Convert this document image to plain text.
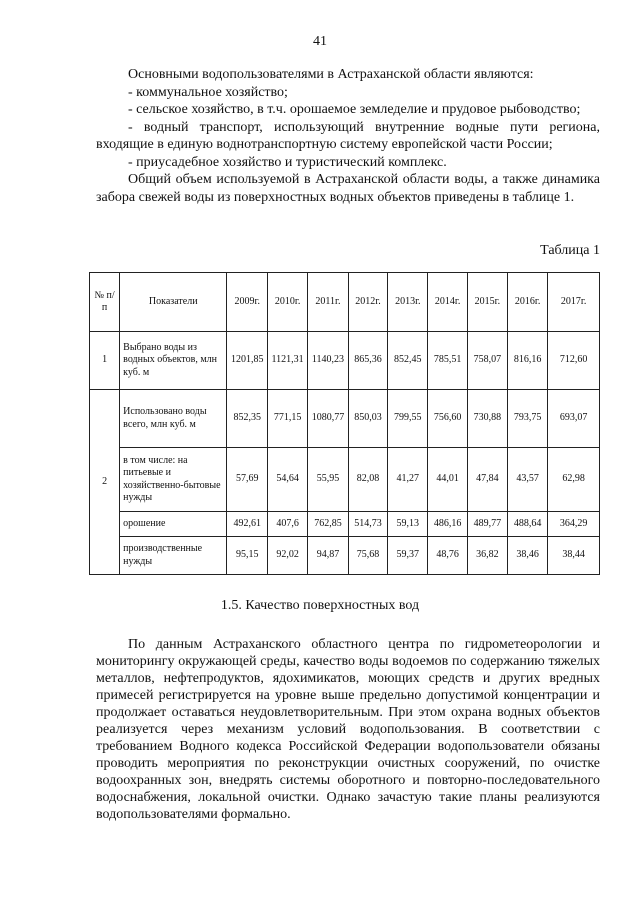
41

Основными водопользователями в Астраханской области являются:

- коммунальное хозяйство;

- сельское хозяйство, в т.ч. орошаемое земледелие и прудовое рыбоводство;

- водный транспорт, использующий внутренние водные пути региона, входящие в единую воднотранспортную систему европейской части России;

- приусадебное хозяйство и туристический комплекс.

Общий объем используемой в Астраханской области воды, а также динамика забора свежей воды из поверхностных водных объектов приведены в таблице 1.

Таблица 1
№ п/п	Показатели	2009г.	2010г.	2011г.	2012г.	2013г.	2014г.	2015г.	2016г.	2017г.
1	Выбрано воды из водных объектов, млн куб. м	1201,85	1121,31	1140,23	865,36	852,45	785,51	758,07	816,16	712,60
2	Использовано воды всего, млн куб. м	852,35	771,15	1080,77	850,03	799,55	756,60	730,88	793,75	693,07
	в том числе: на питьевые и хозяйственно-бытовые нужды	57,69	54,64	55,95	82,08	41,27	44,01	47,84	43,57	62,98
	орошение	492,61	407,6	762,85	514,73	59,13	486,16	489,77	488,64	364,29
	производственные нужды	95,15	92,02	94,87	75,68	59,37	48,76	36,82	38,46	38,44
1.5. Качество поверхностных вод

По данным Астраханского областного центра по гидрометеорологии и мониторингу окружающей среды, качество воды водоемов по содержанию тяжелых металлов, нефтепродуктов, ядохимикатов, моющих средств и других вредных примесей регистрируется на уровне выше предельно допустимой концентрации и продолжает оставаться неудовлетворительным. При этом охрана водных объектов реализуется через механизм условий водопользования. В соответствии с требованием Водного кодекса Российской Федерации водопользователи обязаны проводить мероприятия по реконструкции очистных сооружений, по очистке водоохранных зон, внедрять системы оборотного и повторно-последовательного водоснабжения, локальной очистки. Однако зачастую такие планы реализуются водопользователями формально.
